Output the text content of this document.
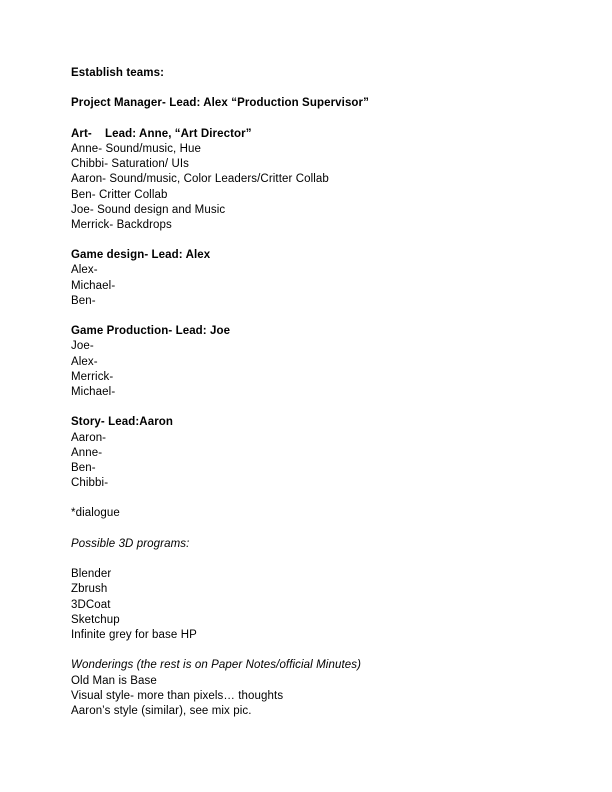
Establish teams:
Project Manager- Lead: Alex “Production Supervisor”
Art-    Lead: Anne, “Art Director”
Anne- Sound/music, Hue
Chibbi- Saturation/ UIs
Aaron- Sound/music, Color Leaders/Critter Collab
Ben- Critter Collab
Joe- Sound design and Music
Merrick- Backdrops
Game design- Lead: Alex
Alex-
Michael-
Ben-
Game Production- Lead: Joe
Joe-
Alex-
Merrick-
Michael-
Story- Lead:Aaron
Aaron-
Anne-
Ben-
Chibbi-
*dialogue
Possible 3D programs:
Blender
Zbrush
3DCoat
Sketchup
Infinite grey for base HP
Wonderings (the rest is on Paper Notes/official Minutes)
Old Man is Base
Visual style- more than pixels… thoughts
Aaron’s style (similar), see mix pic.
